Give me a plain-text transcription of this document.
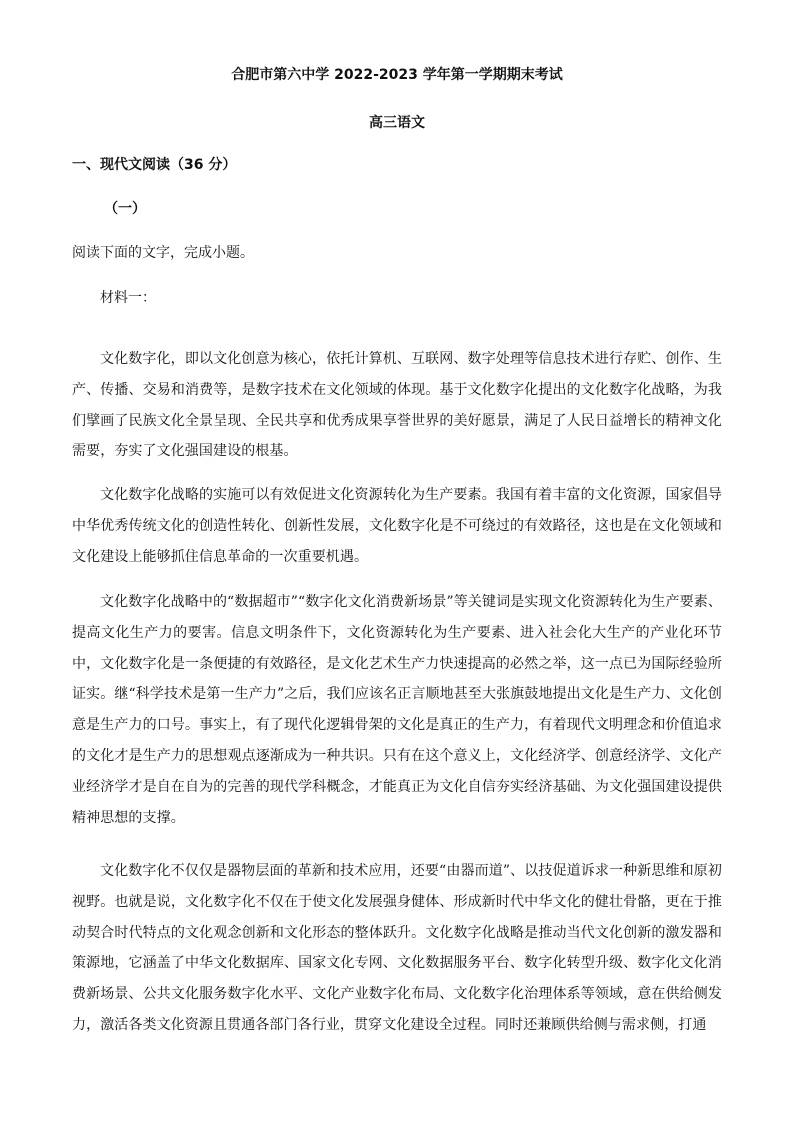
合肥市第六中学 2022-2023 学年第一学期期末考试
高三语文
一、现代文阅读（36 分）
（一）
阅读下面的文字，完成小题。
材料一：

文化数字化，即以文化创意为核心，依托计算机、互联网、数字处理等信息技术进行存贮、创作、生产、传播、交易和消费等，是数字技术在文化领域的体现。基于文化数字化提出的文化数字化战略，为我们擘画了民族文化全景呈现、全民共享和优秀成果享誉世界的美好愿景，满足了人民日益增长的精神文化需要，夯实了文化强国建设的根基。

文化数字化战略的实施可以有效促进文化资源转化为生产要素。我国有着丰富的文化资源，国家倡导中华优秀传统文化的创造性转化、创新性发展，文化数字化是不可绕过的有效路径，这也是在文化领域和文化建设上能够抓住信息革命的一次重要机遇。

文化数字化战略中的“数据超市”“数字化文化消费新场景”等关键词是实现文化资源转化为生产要素、提高文化生产力的要害。信息文明条件下，文化资源转化为生产要素、进入社会化大生产的产业化环节中，文化数字化是一条便捷的有效路径，是文化艺术生产力快速提高的必然之举，这一点已为国际经验所证实。继“科学技术是第一生产力”之后，我们应该名正言顺地甚至大张旗鼓地提出文化是生产力、文化创意是生产力的口号。事实上，有了现代化逻辑骨架的文化是真正的生产力，有着现代文明理念和价值追求的文化才是生产力的思想观点逐渐成为一种共识。只有在这个意义上，文化经济学、创意经济学、文化产业经济学才是自在自为的完善的现代学科概念，才能真正为文化自信夯实经济基础、为文化强国建设提供精神思想的支撑。

文化数字化不仅仅是器物层面的革新和技术应用，还要“由器而道”、以技促道诉求一种新思维和原初视野。也就是说，文化数字化不仅在于使文化发展强身健体、形成新时代中华文化的健壮骨骼，更在于推动契合时代特点的文化观念创新和文化形态的整体跃升。文化数字化战略是推动当代文化创新的激发器和策源地，它涵盖了中华文化数据库、国家文化专网、文化数据服务平台、数字化转型升级、数字化文化消费新场景、公共文化服务数字化水平、文化产业数字化布局、文化数字化治理体系等领域，意在供给侧发力，激活各类文化资源且贯通各部门各行业，贯穿文化建设全过程。同时还兼顾供给侧与需求侧，打通
